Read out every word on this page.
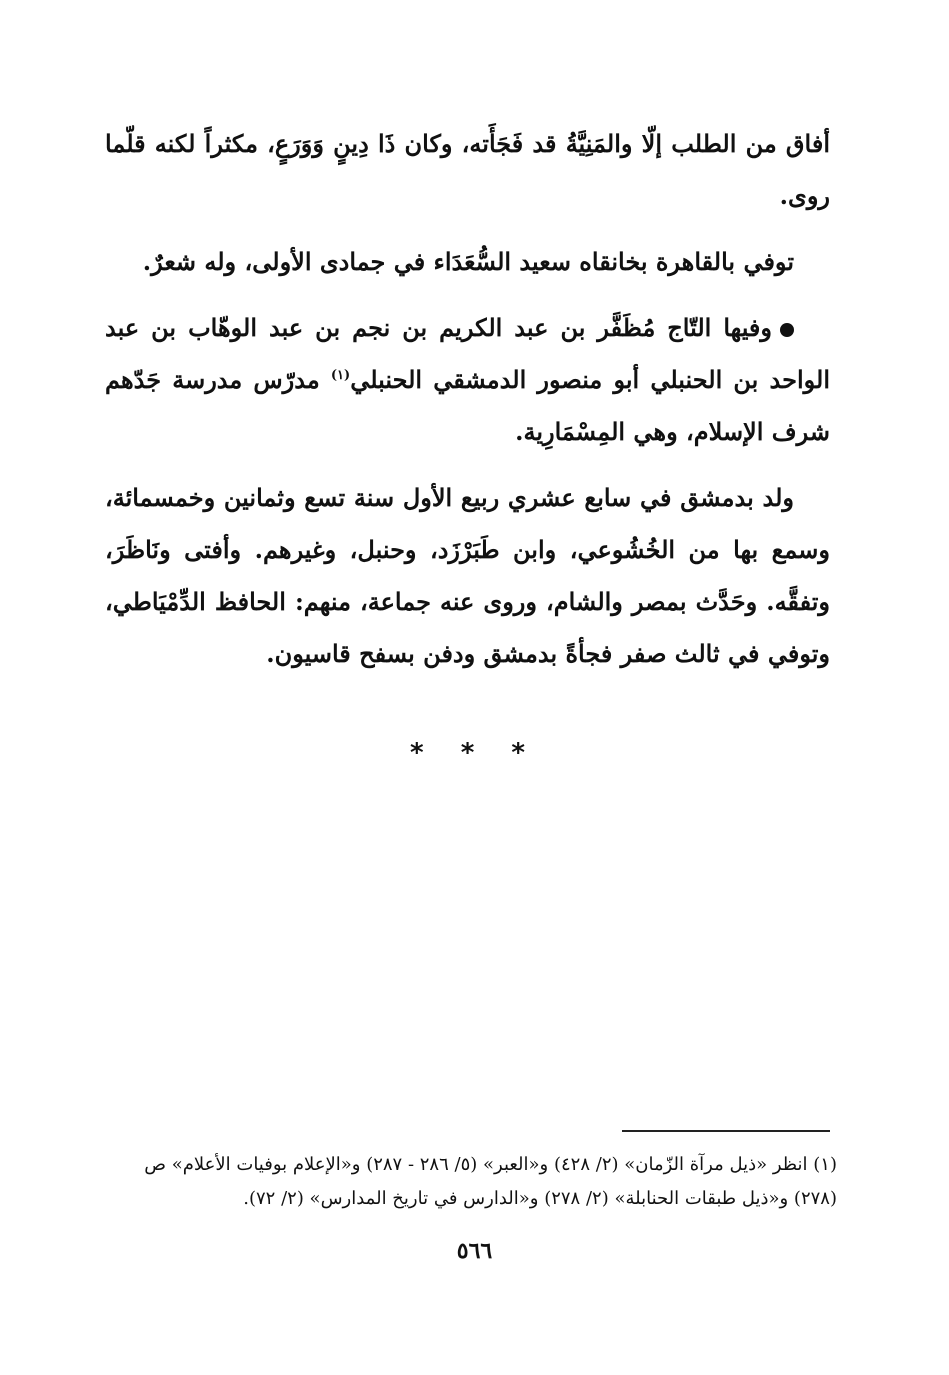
أفاق من الطلب إلّا والمَنِيَّةُ قد فَجَأَته، وكان ذَا دِينٍ وَوَرَعٍ، مكثراً لكنه قلّما روى.

توفي بالقاهرة بخانقاه سعيد السُّعَدَاء في جمادى الأولى، وله شعرٌ.

وفيها التّاج مُظَفَّر بن عبد الكريم بن نجم بن عبد الوهّاب بن عبد الواحد بن الحنبلي أبو منصور الدمشقي الحنبلي$^{(١)}$ مدرّس مدرسة جَدّهم شرف الإسلام، وهي المِسْمَارِية.

ولد بدمشق في سابع عشري ربيع الأول سنة تسع وثمانين وخمسمائة، وسمع بها من الخُشُوعي، وابن طَبَرْزَد، وحنبل، وغيرهم. وأفتى ونَاظَرَ، وتفقَّه. وحَدَّث بمصر والشام، وروى عنه جماعة، منهم: الحافظ الدِّمْيَاطي، وتوفي في ثالث صفر فجأةً بدمشق ودفن بسفح قاسيون.

* * *

(١) انظر «ذيل مرآة الزّمان» (٢/ ٤٢٨) و«العبر» (٥/ ٢٨٦ - ٢٨٧) و«الإعلام بوفيات الأعلام» ص (٢٧٨) و«ذيل طبقات الحنابلة» (٢/ ٢٧٨) و«الدارس في تاريخ المدارس» (٢/ ٧٢).

٥٦٦
